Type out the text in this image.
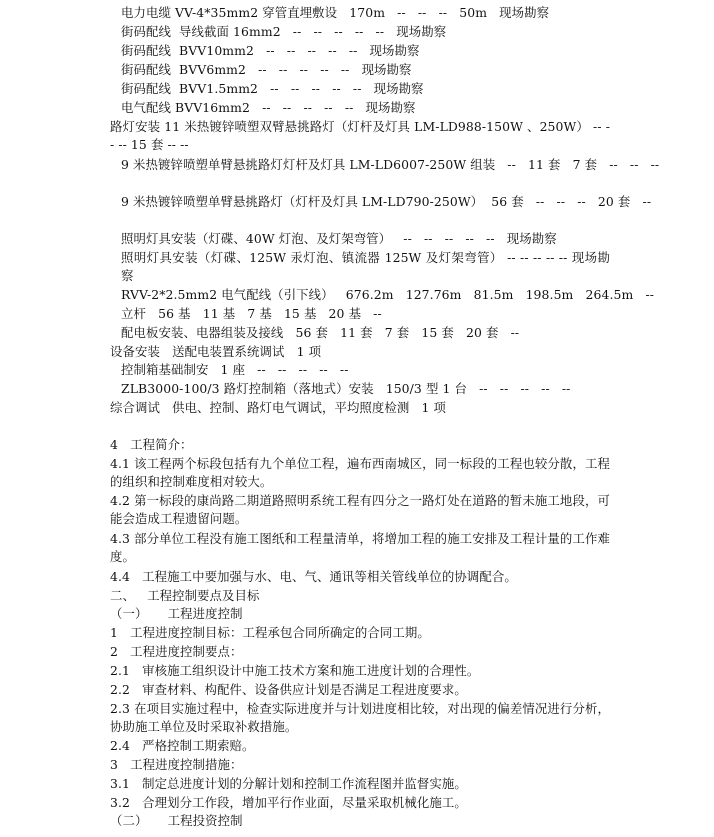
电力电缆 VV-4*35mm2 穿管直埋敷设   170m   --   --   --   50m   现场勘察
街码配线  导线截面 16mm2   --   --   --   --   --   现场勘察
街码配线  BVV10mm2   --   --   --   --   --   现场勘察
街码配线  BVV6mm2   --   --   --   --   --   现场勘察
街码配线  BVV1.5mm2   --   --   --   --   --   现场勘察
电气配线 BVV16mm2   --   --   --   --   --   现场勘察
路灯安装 11 米热镀锌喷塑双臂悬挑路灯（灯杆及灯具 LM-LD988-150W 、250W） -- -- -- 15 套 -- --
9 米热镀锌喷塑单臂悬挑路灯灯杆及灯具 LM-LD6007-250W 组装   --   11 套   7 套   --   --   --
9 米热镀锌喷塑单臂悬挑路灯（灯杆及灯具 LM-LD790-250W）  56 套   --   --   --   20 套   --
照明灯具安装（灯碟、40W 灯泡、及灯架弯管）   --   --   --   --   --   现场勘察
照明灯具安装（灯碟、125W 汞灯泡、镇流器 125W 及灯架弯管） -- -- -- -- -- 现场勘察
RVV-2*2.5mm2 电气配线（引下线）   676.2m   127.76m   81.5m   198.5m   264.5m   --
立杆   56 基   11 基   7 基   15 基   20 基   --
配电板安装、电器组装及接线   56 套   11 套   7 套   15 套   20 套   --
设备安装   送配电装置系统调试   1 项
控制箱基础制安   1 座   --   --   --   --   --
ZLB3000-100/3 路灯控制箱（落地式）安装   150/3 型 1 台   --   --   --   --   --
综合调试   供电、控制、路灯电气调试，平均照度检测   1 项
4   工程简介：
4.1 该工程两个标段包括有九个单位工程，遍布西南城区，同一标段的工程也较分散，工程的组织和控制难度相对较大。
4.2 第一标段的康尚路二期道路照明系统工程有四分之一路灯处在道路的暂未施工地段，可能会造成工程遗留问题。
4.3 部分单位工程没有施工图纸和工程量清单，将增加工程的施工安排及工程计量的工作难度。
4.4   工程施工中要加强与水、电、气、通讯等相关管线单位的协调配合。
二、   工程控制要点及目标
（一）     工程进度控制
1   工程进度控制目标：工程承包合同所确定的合同工期。
2   工程进度控制要点：
2.1   审核施工组织设计中施工技术方案和施工进度计划的合理性。
2.2   审查材料、构配件、设备供应计划是否满足工程进度要求。
2.3 在项目实施过程中，检查实际进度并与计划进度相比较，对出现的偏差情况进行分析，协助施工单位及时采取补救措施。
2.4   严格控制工期索赔。
3   工程进度控制措施：
3.1   制定总进度计划的分解计划和控制工作流程图并监督实施。
3.2   合理划分工作段，增加平行作业面，尽量采取机械化施工。
（二）     工程投资控制
